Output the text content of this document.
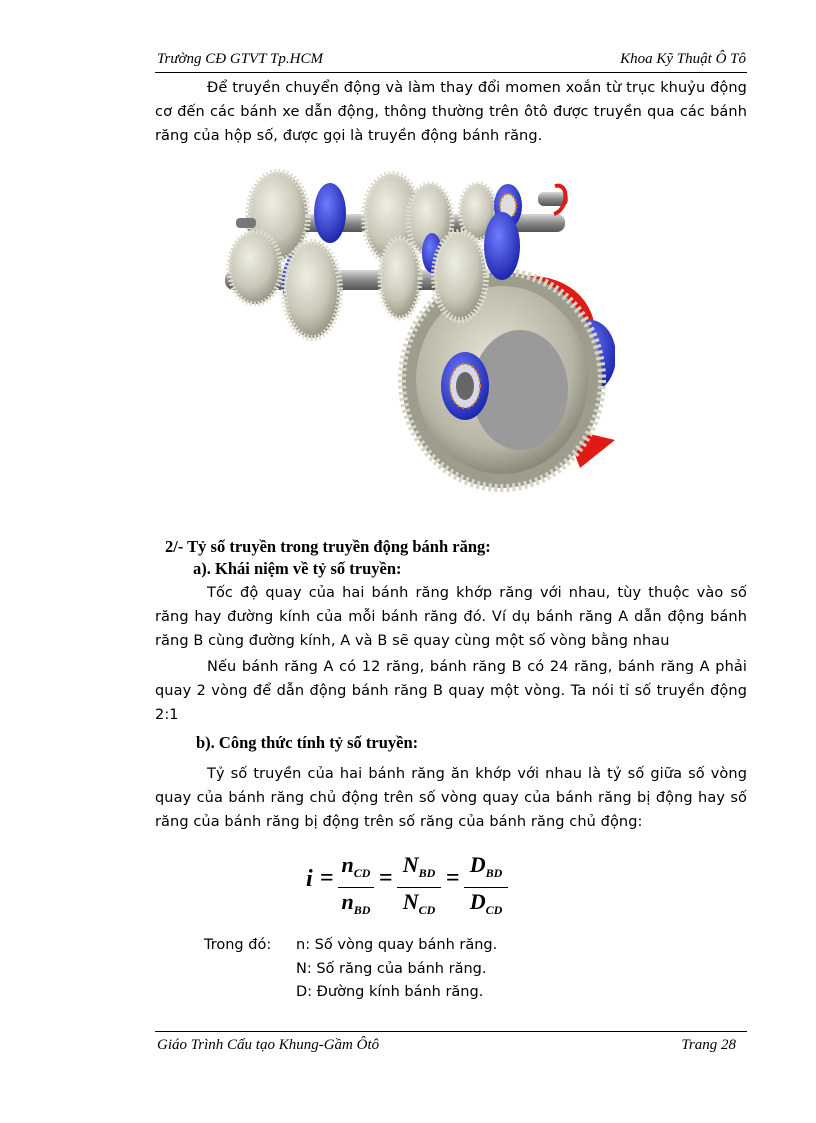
Trường CĐ GTVT Tp.HCM	Khoa Kỹ Thuật Ô Tô

Để truyền chuyển động và làm thay đổi momen xoắn từ trục khuỷu động cơ đến các bánh xe dẫn động, thông thường trên ôtô được truyền qua các bánh răng của hộp số, được gọi là truyền động bánh răng.

2/- Tỷ số truyền trong truyền động bánh răng:
a). Khái niệm về tỷ số truyền:

Tốc độ quay của hai bánh răng khớp răng với nhau, tùy thuộc vào số răng hay đường kính của mỗi bánh răng đó. Ví dụ bánh răng A dẫn động bánh răng B cùng đường kính, A và B sẽ quay cùng một số vòng bằng nhau

Nếu bánh răng A có 12 răng, bánh răng B có 24 răng, bánh răng A phải quay 2 vòng để dẫn động bánh răng B quay một vòng. Ta nói tỉ số truyền động 2:1

b). Công thức tính tỷ số truyền:

Tỷ số truyền của hai bánh răng ăn khớp với nhau là tỷ số giữa số vòng quay của bánh răng chủ động trên số vòng quay của bánh răng bị động hay số răng của bánh răng bị động trên số răng của bánh răng chủ động:

i =
$n_{CD}$
$n_{BD}$
=
$N_{BD}$
$N_{CD}$
=
$D_{BD}$
$D_{CD}$
Trong đó: n: Số vòng quay bánh răng.
N: Số răng của bánh răng.
D: Đường kính bánh răng.
Giáo Trình Cấu tạo Khung-Gầm Ôtô	Trang 28
